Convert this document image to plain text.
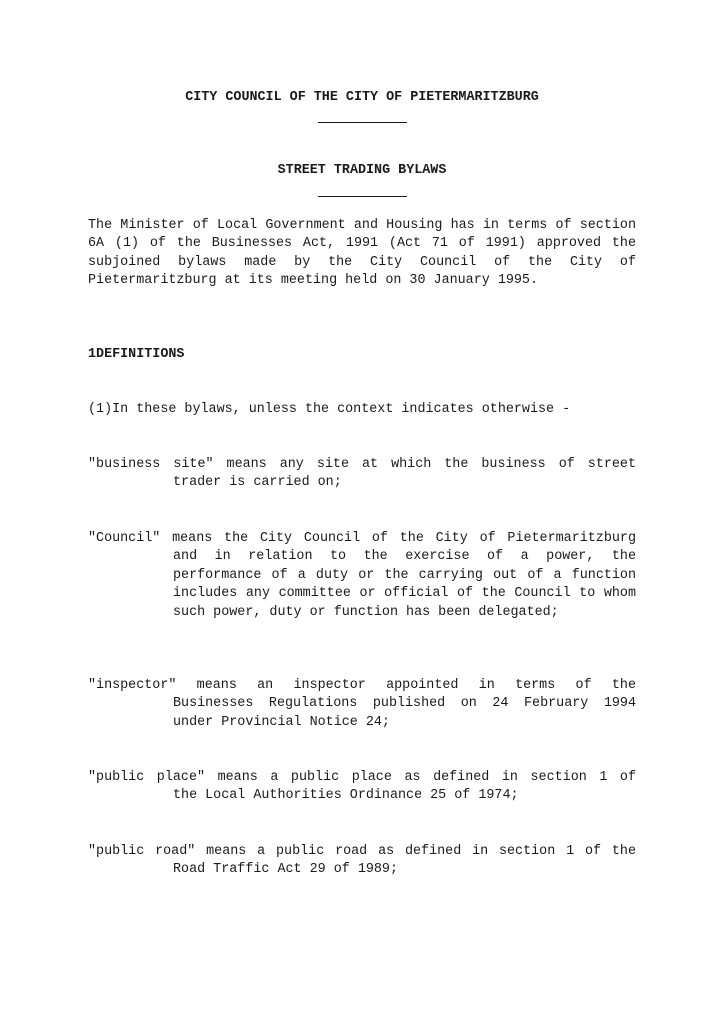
CITY COUNCIL OF THE CITY OF PIETERMARITZBURG
STREET TRADING BYLAWS

The Minister of Local Government and Housing has in terms of section 6A (1) of the Businesses Act, 1991 (Act 71 of 1991) approved the subjoined bylaws made by the City Council of the City of Pietermaritzburg at its meeting held on 30 January 1995.

1DEFINITIONS
(1)In these bylaws, unless the context indicates otherwise -
"business site" means any site at which the business of street
trader is carried on;
"Council" means the City Council of the City of Pietermaritzburg
and in relation to the exercise of a power, the performance of a duty or the carrying out of a function includes any committee or official of the Council to whom such power, duty or function has been delegated;
"inspector" means an inspector appointed in terms of the
Businesses Regulations published on 24 February 1994 under Provincial Notice 24;
"public place" means a public place as defined in section 1 of
the Local Authorities Ordinance 25 of 1974;
"public road" means a public road as defined in section 1 of the
Road Traffic Act 29 of 1989;
